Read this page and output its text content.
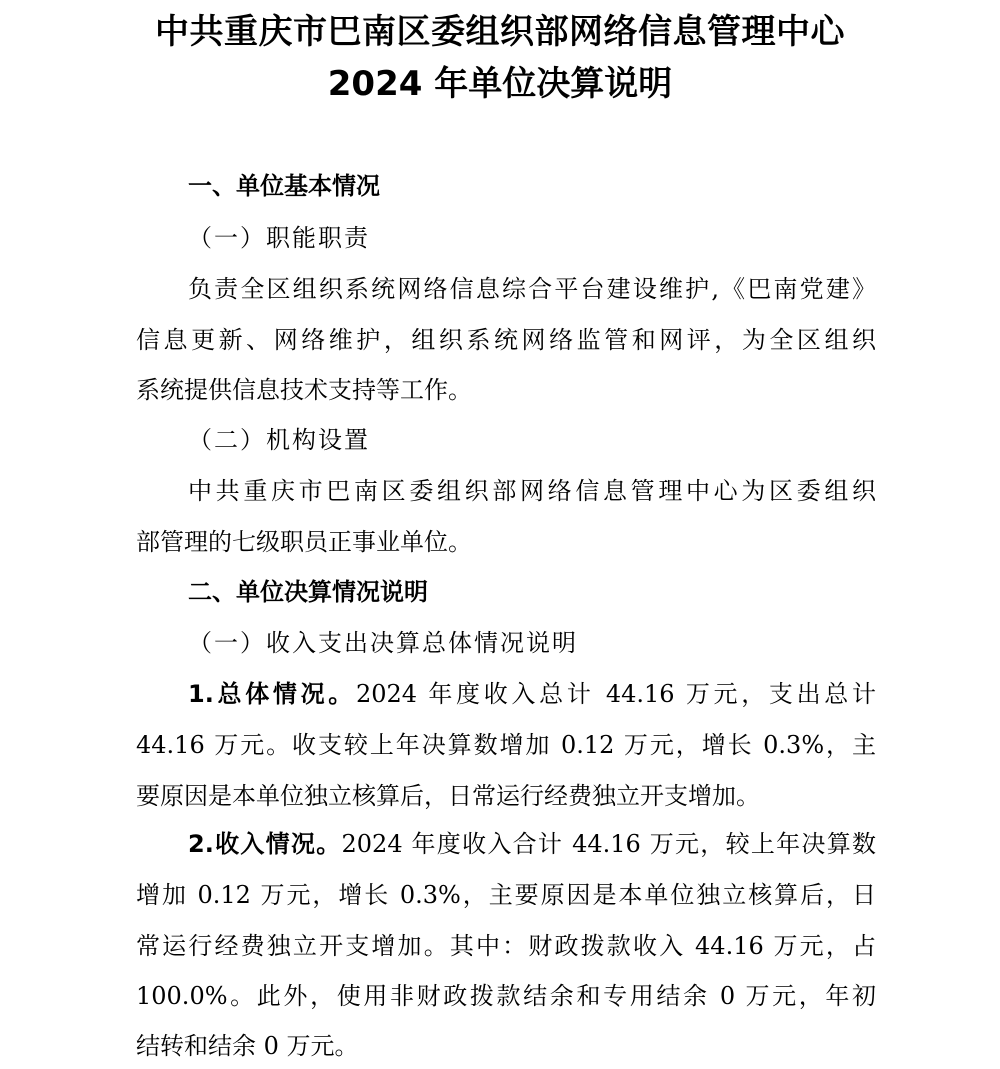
中共重庆市巴南区委组织部网络信息管理中心
2024 年单位决算说明
一、单位基本情况
（一）职能职责
负责全区组织系统网络信息综合平台建设维护,《巴南党建》
信息更新、网络维护，组织系统网络监管和网评，为全区组织
系统提供信息技术支持等工作。
（二）机构设置
中共重庆市巴南区委组织部网络信息管理中心为区委组织
部管理的七级职员正事业单位。
二、单位决算情况说明
（一）收入支出决算总体情况说明
1.总体情况。2024 年度收入总计 44.16 万元，支出总计
44.16 万元。收支较上年决算数增加 0.12 万元，增长 0.3%，主
要原因是本单位独立核算后，日常运行经费独立开支增加。
2.收入情况。2024 年度收入合计 44.16 万元，较上年决算数
增加 0.12 万元，增长 0.3%，主要原因是本单位独立核算后，日
常运行经费独立开支增加。其中：财政拨款收入 44.16 万元，占
100.0%。此外，使用非财政拨款结余和专用结余 0 万元，年初
结转和结余 0 万元。
